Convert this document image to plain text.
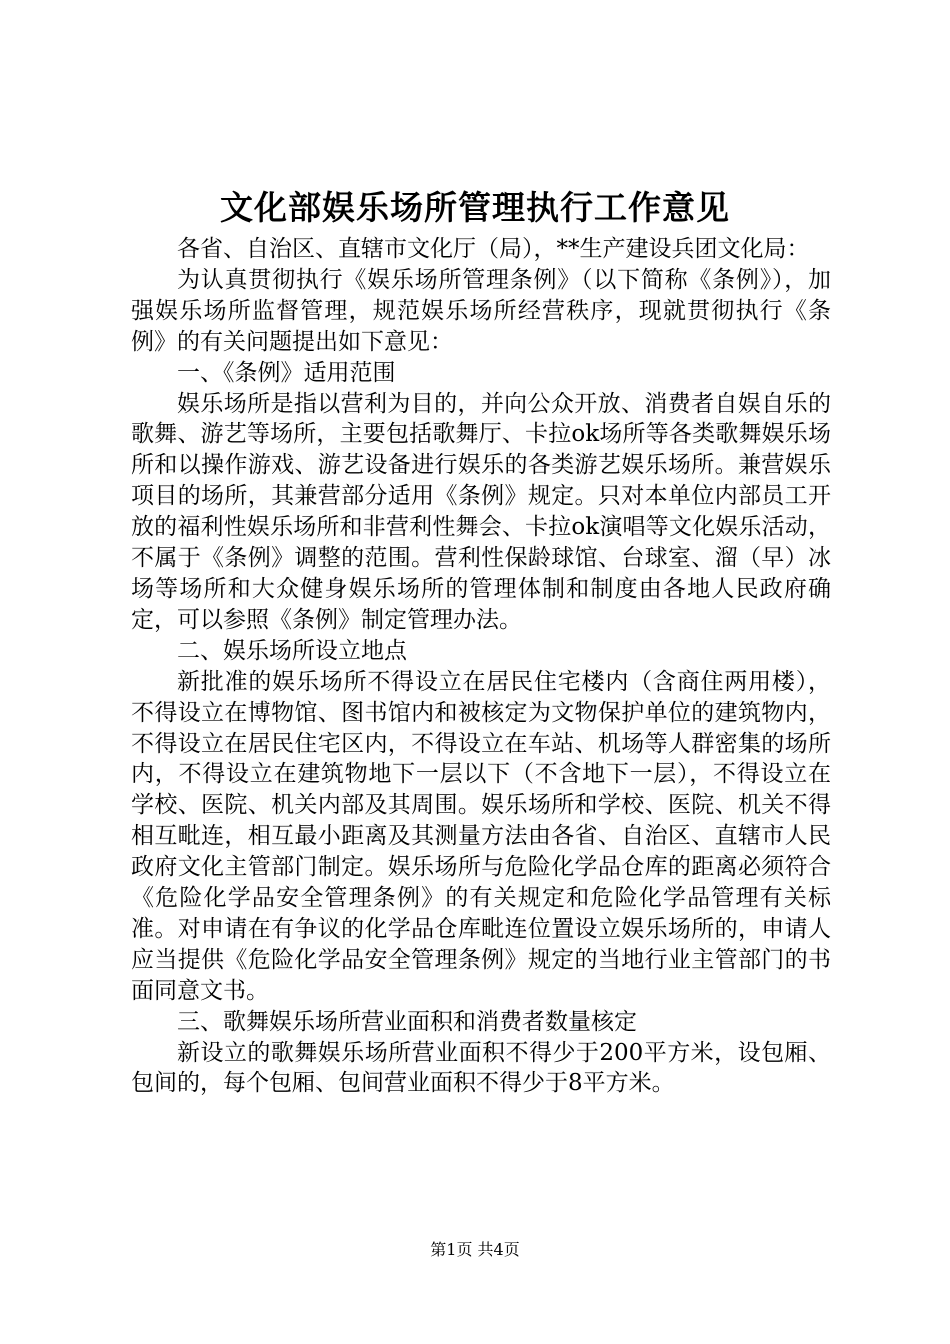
文化部娱乐场所管理执行工作意见

各省、自治区、直辖市文化厅（局），**生产建设兵团文化局：

为认真贯彻执行《娱乐场所管理条例》（以下简称《条例》），加强娱乐场所监督管理，规范娱乐场所经营秩序，现就贯彻执行《条例》的有关问题提出如下意见：

一、《条例》适用范围

娱乐场所是指以营利为目的，并向公众开放、消费者自娱自乐的歌舞、游艺等场所，主要包括歌舞厅、卡拉ok场所等各类歌舞娱乐场所和以操作游戏、游艺设备进行娱乐的各类游艺娱乐场所。兼营娱乐项目的场所，其兼营部分适用《条例》规定。只对本单位内部员工开放的福利性娱乐场所和非营利性舞会、卡拉ok演唱等文化娱乐活动，不属于《条例》调整的范围。营利性保龄球馆、台球室、溜（早）冰场等场所和大众健身娱乐场所的管理体制和制度由各地人民政府确定，可以参照《条例》制定管理办法。

二、娱乐场所设立地点

新批准的娱乐场所不得设立在居民住宅楼内（含商住两用楼），不得设立在博物馆、图书馆内和被核定为文物保护单位的建筑物内，不得设立在居民住宅区内，不得设立在车站、机场等人群密集的场所内，不得设立在建筑物地下一层以下（不含地下一层），不得设立在学校、医院、机关内部及其周围。娱乐场所和学校、医院、机关不得相互毗连，相互最小距离及其测量方法由各省、自治区、直辖市人民政府文化主管部门制定。娱乐场所与危险化学品仓库的距离必须符合《危险化学品安全管理条例》的有关规定和危险化学品管理有关标准。对申请在有争议的化学品仓库毗连位置设立娱乐场所的，申请人应当提供《危险化学品安全管理条例》规定的当地行业主管部门的书面同意文书。

三、歌舞娱乐场所营业面积和消费者数量核定

新设立的歌舞娱乐场所营业面积不得少于200平方米，设包厢、包间的，每个包厢、包间营业面积不得少于8平方米。

第1页 共4页
